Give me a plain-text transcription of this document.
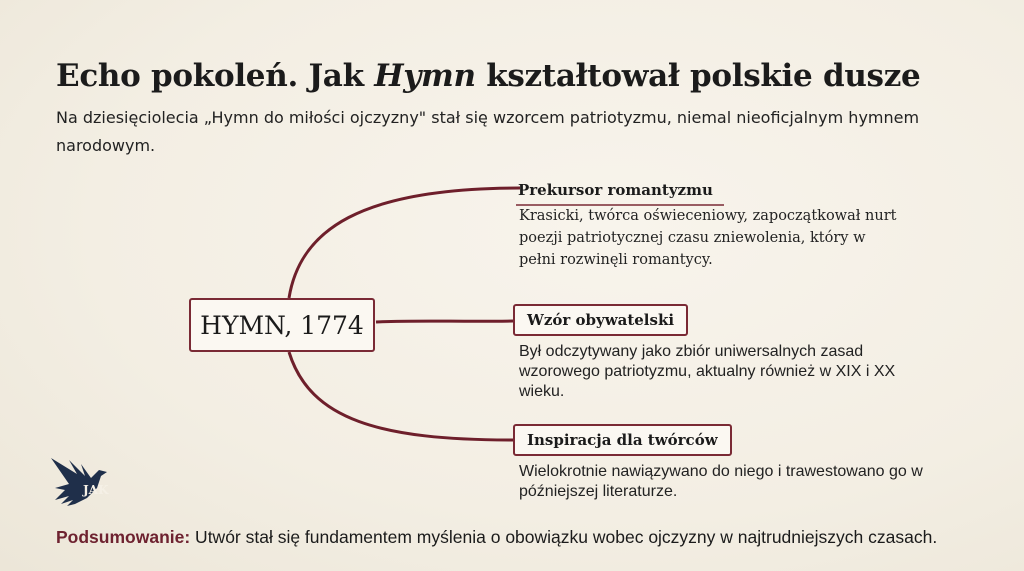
Echo pokoleń. Jak Hymn kształtował polskie dusze

Na dziesięciolecia „Hymn do miłości ojczyzny" stał się wzorcem patriotyzmu, niemal nieoficjalnym hymnem narodowym.

HYMN, 1774
Prekursor romantyzmu
Krasicki, twórca oświeceniowy, zapoczątkował nurt poezji patriotycznej czasu zniewolenia, który w pełni rozwinęli romantycy.
Wzór obywatelski
Był odczytywany jako zbiór uniwersalnych zasad wzorowego patriotyzmu, aktualny również w XIX i XX wieku.
Inspiracja dla twórców
Wielokrotnie nawiązywano do niego i trawestowano go w późniejszej literaturze.
JAK

Podsumowanie: Utwór stał się fundamentem myślenia o obowiązku wobec ojczyzny w najtrudniejszych czasach.
